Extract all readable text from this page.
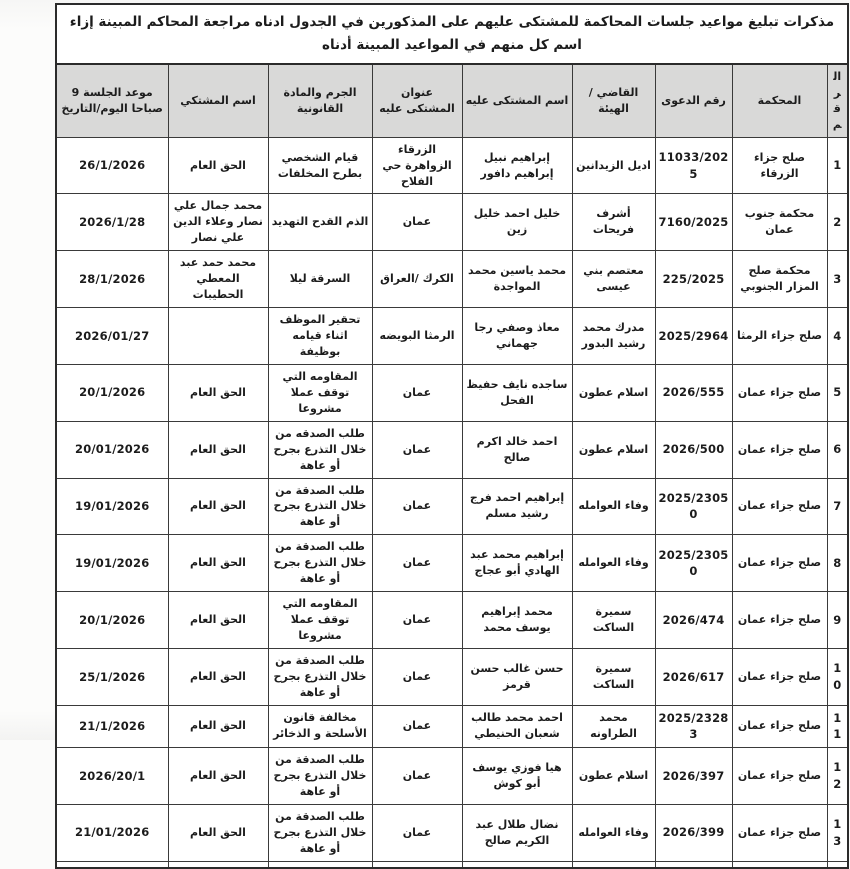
مذكرات تبليغ مواعيد جلسات المحاكمة للمشتكى عليهم على المذكورين في الجدول ادناه مراجعة المحاكم المبينة إزاء اسم كل منهم في المواعيد المبينة أدناه								
الرقم	المحكمة	رقم الدعوى	القاضي / الهيئة	اسم المشتكى عليه	عنوان المشتكى عليه	الجرم والمادة القانونية	اسم المشتكي	موعد الجلسة 9 صباحا اليوم/التاريخ
1	صلح جزاء الزرقاء	11033/2025	اديل الزيدانين	إبراهيم نبيل إبراهيم دافور	الزرقاء الزواهرة حي الفلاح	قيام الشخصي بطرح المخلفات	الحق العام	26/1/2026
2	محكمة جنوب عمان	7160/2025	أشرف فريحات	خليل احمد خليل زين	عمان	الذم القدح التهديد	محمد جمال علي نصار وعلاء الدين علي نصار	2026/1/28
3	محكمة صلح المزار الجنوبي	225/2025	معتصم بني عيسى	محمد ياسين محمد المواجدة	الكرك /العراق	السرقة ليلا	محمد حمد عبد المعطي الحطيبات	28/1/2026
4	صلح جزاء الرمثا	2025/2964	مدرك محمد رشيد البدور	معاذ وصفي رجا جهماني	الرمثا البويضه	تحقير الموظف اثناء قيامه بوظيفة		2026/01/27
5	صلح جزاء عمان	2026/555	اسلام عطون	ساجده نايف حفيظ الفحل	عمان	المقاومه التي توقف عملا مشروعا	الحق العام	20/1/2026
6	صلح جزاء عمان	2026/500	اسلام عطون	احمد خالد اكرم صالح	عمان	طلب الصدقه من خلال التذرع بجرح أو عاهة	الحق العام	20/01/2026
7	صلح جزاء عمان	2025/23050	وفاء العوامله	إبراهيم احمد فرج رشيد مسلم	عمان	طلب الصدقة من خلال التذرع بجرح أو عاهة	الحق العام	19/01/2026
8	صلح جزاء عمان	2025/23050	وفاء العوامله	إبراهيم محمد عبد الهادي أبو عجاج	عمان	طلب الصدقة من خلال التذرع بجرح أو عاهة	الحق العام	19/01/2026
9	صلح جزاء عمان	2026/474	سميرة الساكت	محمد إبراهيم يوسف محمد	عمان	المقاومه التي توقف عملا مشروعا	الحق العام	20/1/2026
10	صلح جزاء عمان	2026/617	سميرة الساكت	حسن غالب حسن قرمز	عمان	طلب الصدقة من خلال التذرع بجرح أو عاهة	الحق العام	25/1/2026
11	صلح جزاء عمان	2025/23283	محمد الطراونه	احمد محمد طالب شعبان الحنيطي	عمان	مخالفة قانون الأسلحة و الذخائر	الحق العام	21/1/2026
12	صلح جزاء عمان	2026/397	اسلام عطون	هيا فوزي يوسف أبو كوش	عمان	طلب الصدقة من خلال التذرع بجرح أو عاهة	الحق العام	2026/20/1
13	صلح جزاء عمان	2026/399	وفاء العوامله	نضال طلال عبد الكريم صالح	عمان	طلب الصدقة من خلال التذرع بجرح أو عاهة	الحق العام	21/01/2026
